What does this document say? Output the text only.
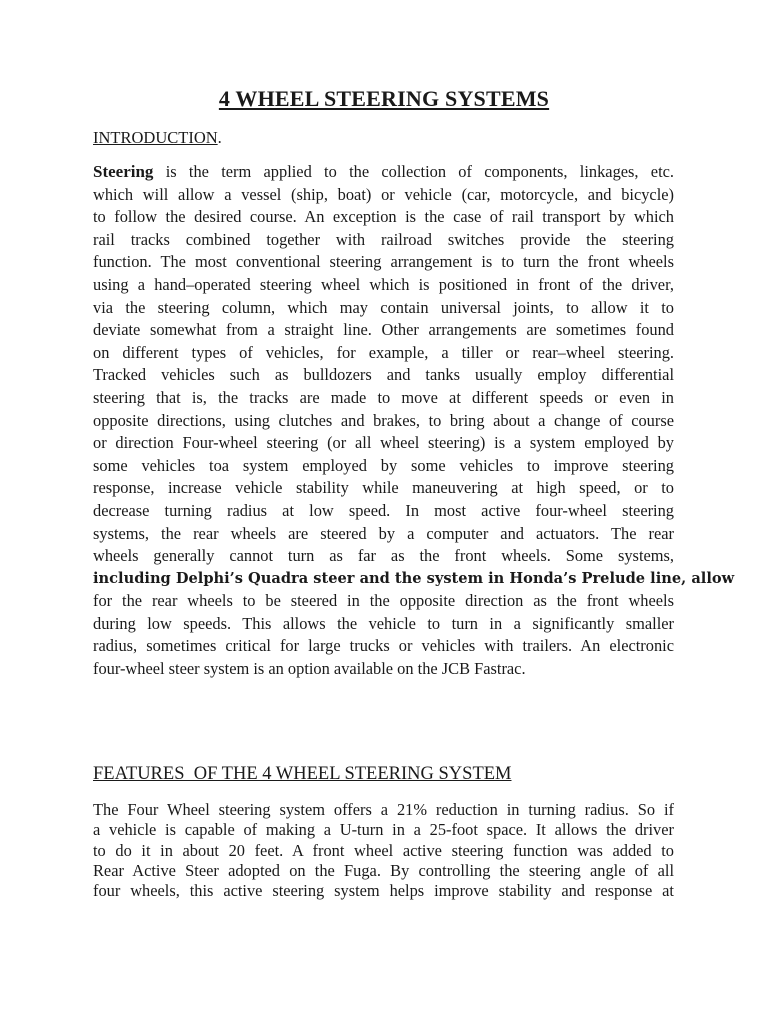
4 WHEEL STEERING SYSTEMS
INTRODUCTION.
Steering is the term applied to the collection of components, linkages, etc.
which will allow a vessel (ship, boat) or vehicle (car, motorcycle, and bicycle)
to follow the desired course. An exception is the case of rail transport by which
rail tracks combined together with railroad switches provide the steering
function. The most conventional steering arrangement is to turn the front wheels
using a hand–operated steering wheel which is positioned in front of the driver,
via the steering column, which may contain universal joints, to allow it to
deviate somewhat from a straight line. Other arrangements are sometimes found
on different types of vehicles, for example, a tiller or rear–wheel steering.
Tracked vehicles such as bulldozers and tanks usually employ differential
steering that is, the tracks are made to move at different speeds or even in
opposite directions, using clutches and brakes, to bring about a change of course
or direction Four-wheel steering (or all wheel steering) is a system employed by
some vehicles toa system employed by some vehicles to improve steering
response, increase vehicle stability while maneuvering at high speed, or to
decrease turning radius at low speed. In most active four-wheel steering
systems, the rear wheels are steered by a computer and actuators. The rear
wheels generally cannot turn as far as the front wheels. Some systems,
including Delphi’s Quadra steer and the system in Honda’s Prelude line, allow
for the rear wheels to be steered in the opposite direction as the front wheels
during low speeds. This allows the vehicle to turn in a significantly smaller
radius, sometimes critical for large trucks or vehicles with trailers. An electronic
four-wheel steer system is an option available on the JCB Fastrac.
FEATURES  OF THE 4 WHEEL STEERING SYSTEM
The Four Wheel steering system offers a 21% reduction in turning radius. So if
a vehicle is capable of making a U-turn in a 25-foot space. It allows the driver
to do it in about 20 feet. A front wheel active steering function was added to
Rear Active Steer adopted on the Fuga. By controlling the steering angle of all
four wheels, this active steering system helps improve stability and response at
